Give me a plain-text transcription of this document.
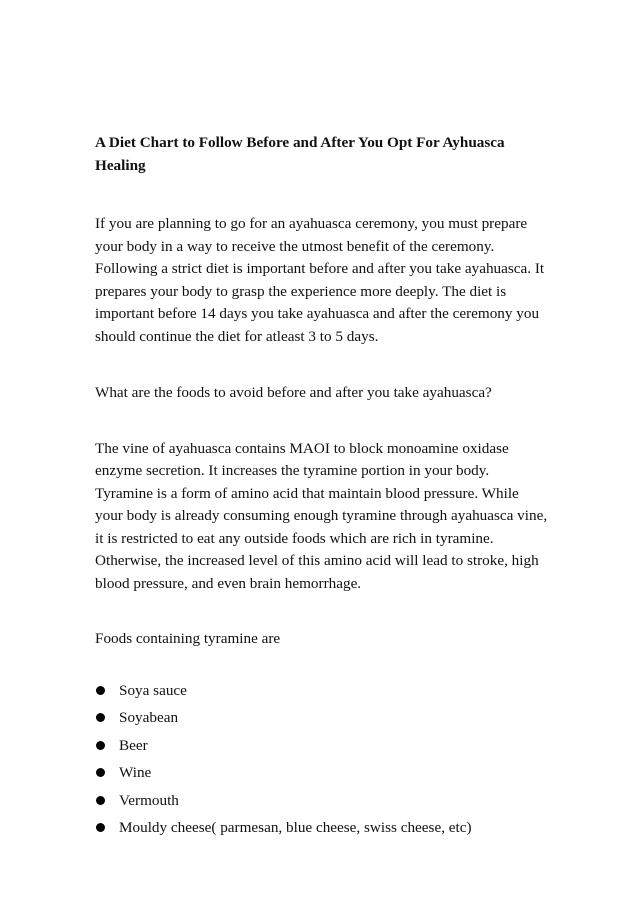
A Diet Chart to Follow Before and After You Opt For Ayhuasca Healing

If you are planning to go for an ayahuasca ceremony, you must prepare your body in a way to receive the utmost benefit of the ceremony. Following a strict diet is important before and after you take ayahuasca. It prepares your body to grasp the experience more deeply. The diet is important before 14 days you take ayahuasca and after the ceremony you should continue the diet for atleast 3 to 5 days.

What are the foods to avoid before and after you take ayahuasca?

The vine of ayahuasca contains MAOI to block monoamine oxidase enzyme secretion. It increases the tyramine portion in your body. Tyramine is a form of amino acid that maintain blood pressure. While your body is already consuming enough tyramine through ayahuasca vine, it is restricted to eat any outside foods which are rich in tyramine. Otherwise, the increased level of this amino acid will lead to stroke, high blood pressure, and even brain hemorrhage.

Foods containing tyramine are

Soya sauce
Soyabean
Beer
Wine
Vermouth
Mouldy cheese( parmesan, blue cheese, swiss cheese, etc)
